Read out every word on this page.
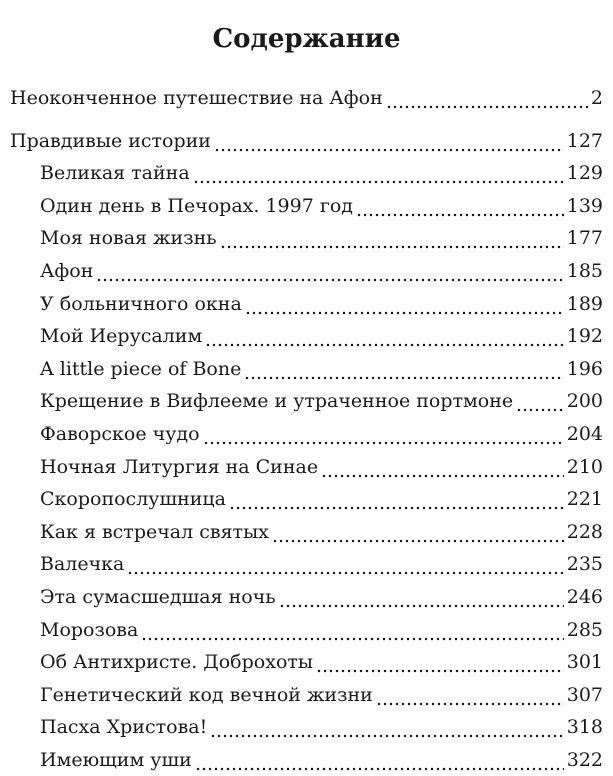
Содержание
Неоконченное путешествие на Афон	2
Правдивые истории	127
Великая тайна	129
Один день в Печорах. 1997 год	139
Моя новая жизнь	177
Афон	185
У больничного окна	189
Мой Иерусалим	192
A little piece of Bone	196
Крещение в Вифлееме и утраченное портмоне	200
Фаворское чудо	204
Ночная Литургия на Синае	210
Скоропослушница	221
Как я встречал святых	228
Валечка	235
Эта сумасшедшая ночь	246
Морозова	285
Об Антихристе. Доброхоты	301
Генетический код вечной жизни	307
Пасха Христова!	318
Имеющим уши	322
